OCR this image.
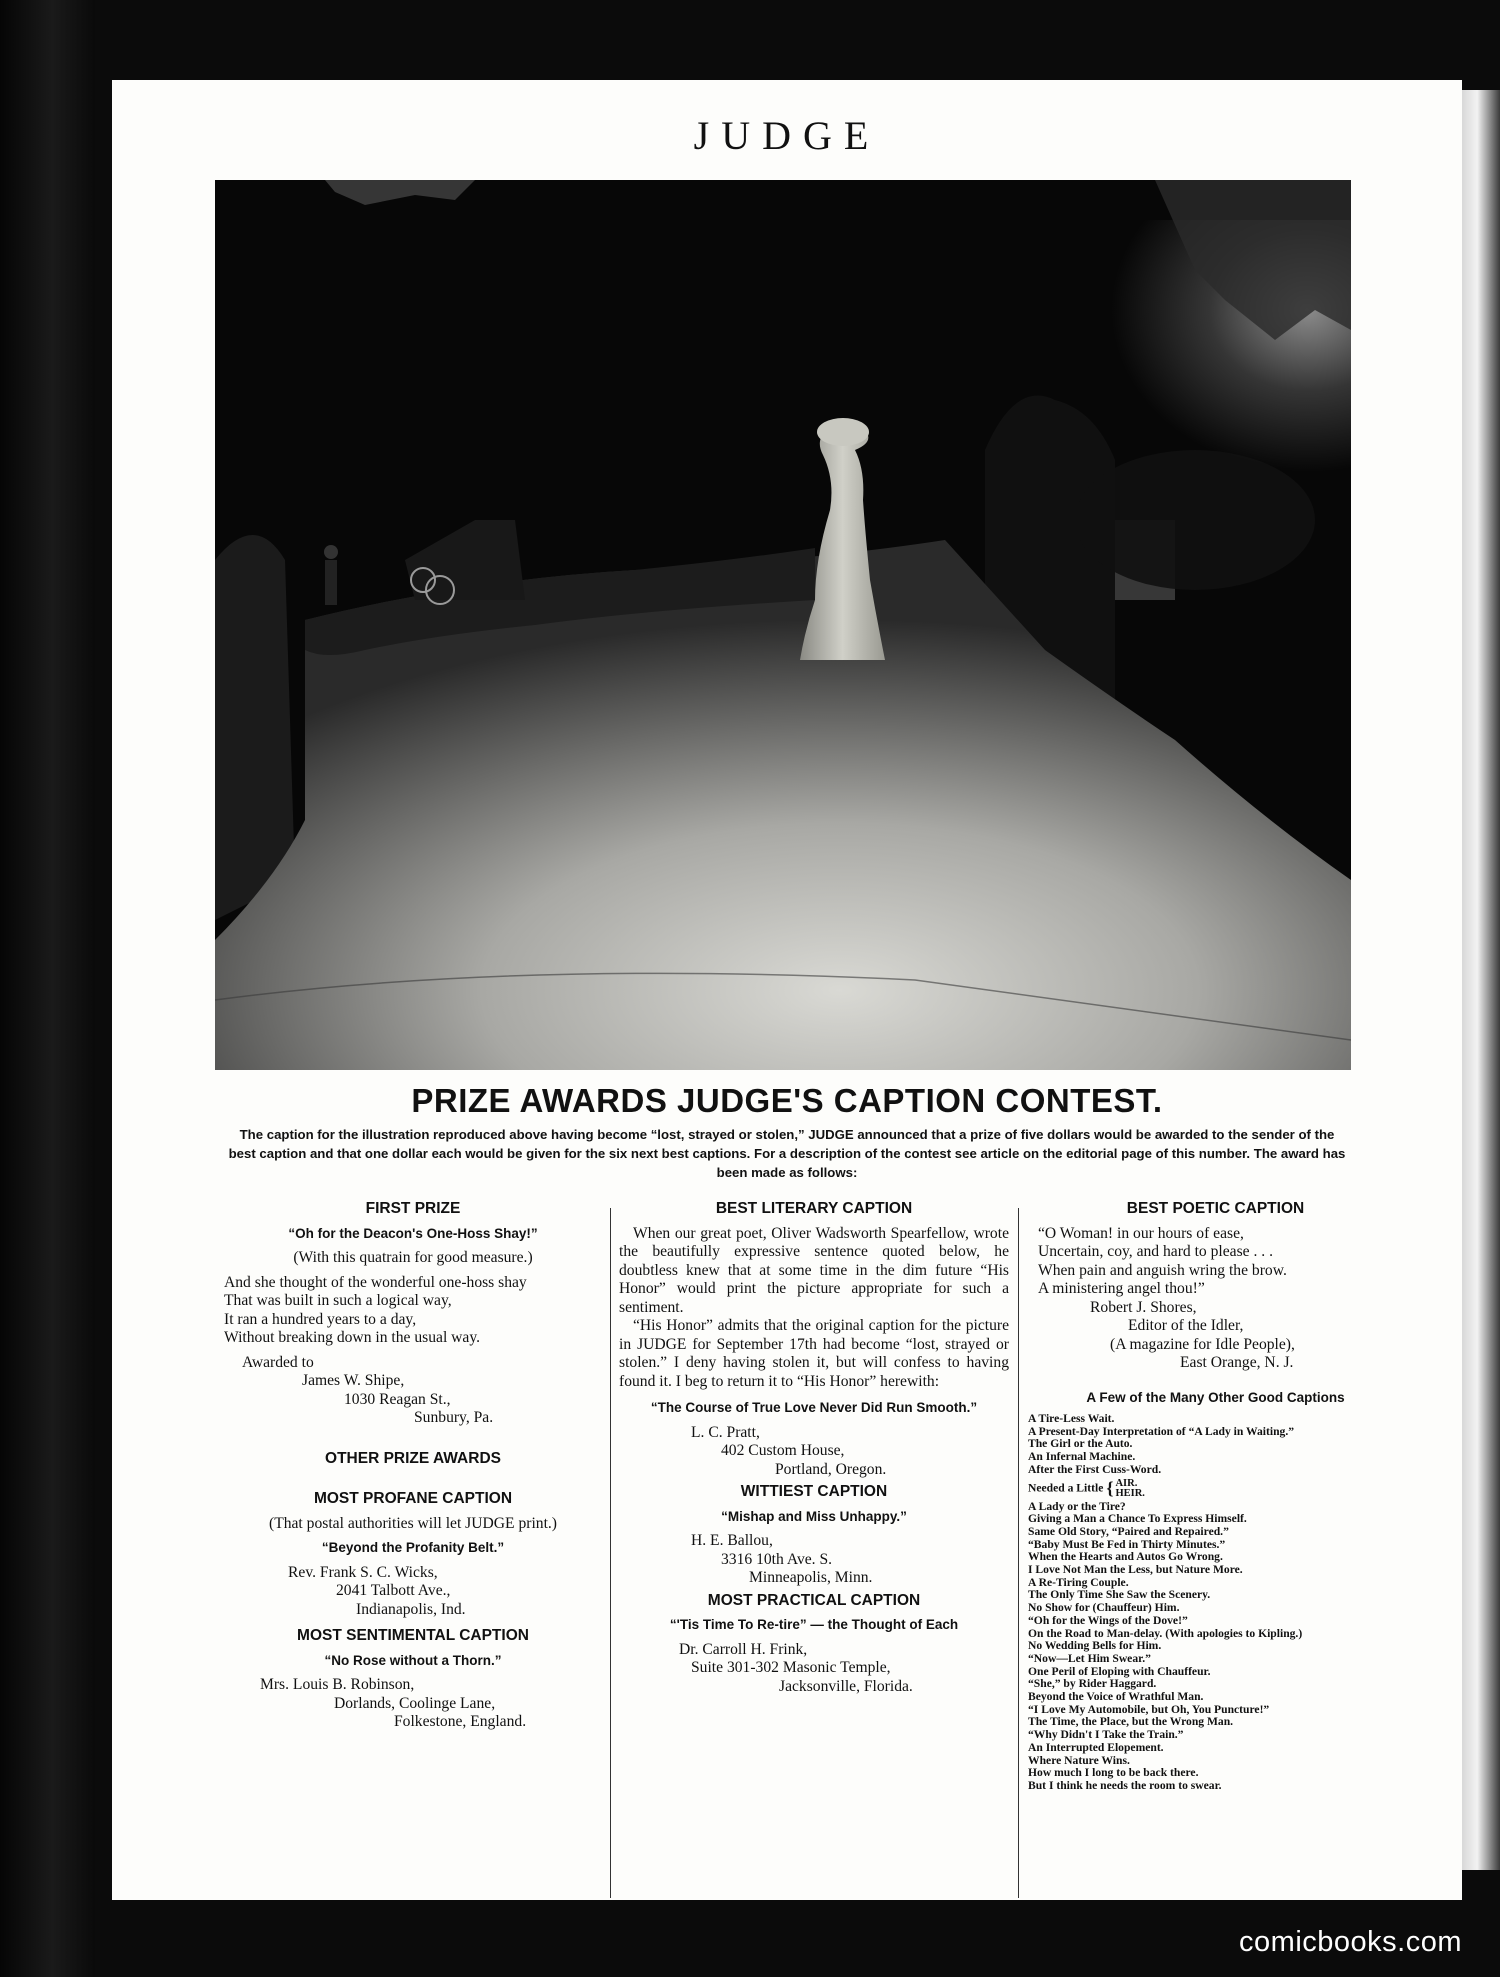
JUDGE
PRIZE AWARDS JUDGE'S CAPTION CONTEST.
The caption for the illustration reproduced above having become “lost, strayed or stolen,” JUDGE announced that a prize of five dollars would be awarded to the sender of the best caption and that one dollar each would be given for the six next best captions. For a description of the contest see article on the editorial page of this number. The award has been made as follows:
FIRST PRIZE
“Oh for the Deacon's One-Hoss Shay!”
(With this quatrain for good measure.)
And she thought of the wonderful one-hoss shay
That was built in such a logical way,
It ran a hundred years to a day,
Without breaking down in the usual way.
Awarded to
James W. Shipe,
1030 Reagan St.,
Sunbury, Pa.
OTHER PRIZE AWARDS
MOST PROFANE CAPTION
(That postal authorities will let JUDGE print.)
“Beyond the Profanity Belt.”
Rev. Frank S. C. Wicks,
2041 Talbott Ave.,
Indianapolis, Ind.
MOST SENTIMENTAL CAPTION
“No Rose without a Thorn.”
Mrs. Louis B. Robinson,
Dorlands, Coolinge Lane,
Folkestone, England.
BEST LITERARY CAPTION
When our great poet, Oliver Wadsworth Spearfellow, wrote the beautifully expressive sentence quoted below, he doubtless knew that at some time in the dim future “His Honor” would print the picture appropriate for such a sentiment.
“His Honor” admits that the original caption for the picture in JUDGE for September 17th had become “lost, strayed or stolen.” I deny having stolen it, but will confess to having found it. I beg to return it to “His Honor” herewith:
“The Course of True Love Never Did Run Smooth.”
L. C. Pratt,
402 Custom House,
Portland, Oregon.
WITTIEST CAPTION
“Mishap and Miss Unhappy.”
H. E. Ballou,
3316 10th Ave. S.
Minneapolis, Minn.
MOST PRACTICAL CAPTION
“'Tis Time To Re-tire” — the Thought of Each
Dr. Carroll H. Frink,
Suite 301-302 Masonic Temple,
Jacksonville, Florida.
BEST POETIC CAPTION
“O Woman! in our hours of ease,
Uncertain, coy, and hard to please . . .
When pain and anguish wring the brow.
A ministering angel thou!”
Robert J. Shores,
Editor of the Idler,
(A magazine for Idle People),
East Orange, N. J.
A Few of the Many Other Good Captions
A Tire-Less Wait.
A Present-Day Interpretation of “A Lady in Waiting.”
The Girl or the Auto.
An Infernal Machine.
After the First Cuss-Word.
Needed a Little { AIR.
HEIR.
A Lady or the Tire?
Giving a Man a Chance To Express Himself.
Same Old Story, “Paired and Repaired.”
“Baby Must Be Fed in Thirty Minutes.”
When the Hearts and Autos Go Wrong.
I Love Not Man the Less, but Nature More.
A Re-Tiring Couple.
The Only Time She Saw the Scenery.
No Show for (Chauffeur) Him.
“Oh for the Wings of the Dove!”
On the Road to Man-delay. (With apologies to Kipling.)
No Wedding Bells for Him.
“Now—Let Him Swear.”
One Peril of Eloping with Chauffeur.
“She,” by Rider Haggard.
Beyond the Voice of Wrathful Man.
“I Love My Automobile, but Oh, You Puncture!”
The Time, the Place, but the Wrong Man.
“Why Didn't I Take the Train.”
An Interrupted Elopement.
Where Nature Wins.
How much I long to be back there.
But I think he needs the room to swear.
comicbooks.com
